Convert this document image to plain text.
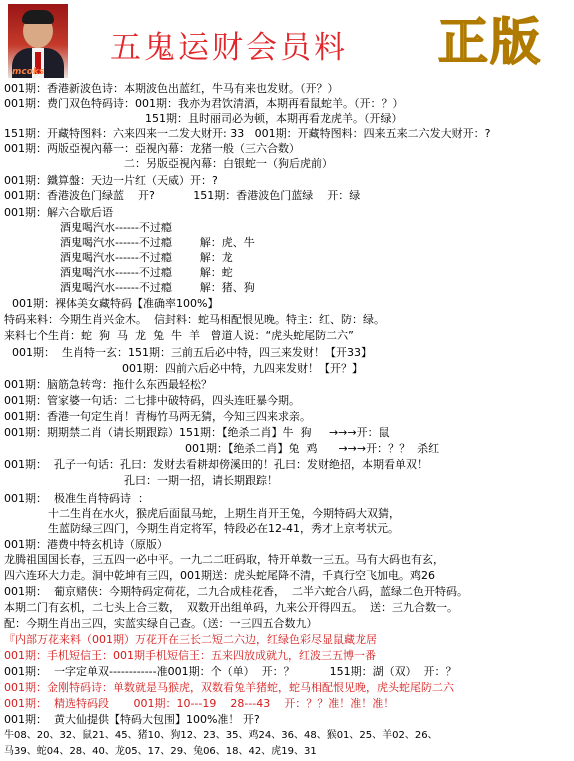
mcoks
五鬼运财会员料 正版
001期：香港新波色诗：本期波色出蓝红，牛马有来也发财。（开？）
001期：费门双色特码诗：001期：我亦为君饮清酒，本期再看鼠蛇羊。（开：？）
151期：且时丽司必为顿，本期再看龙虎羊。（开绿）
151期：开藏特图料：六来四来一二发大财开: 33   001期：开藏特图料：四来五来二六发大财开：?
001期：两版亞視內幕一：亞視內幕：龙猪一般（三六合数）
二：另版亞視內幕：白银蛇一（狗后虎前）
001期：鐵算盤：天边一片红（天威）开：?
001期：香港波色门绿蓝    开?           151期：香港波色门蓝绿    开：绿
001期：解六合歇后语
酒鬼喝汽水------不过瘾
酒鬼喝汽水------不过瘾        解：虎、牛
酒鬼喝汽水------不过瘾        解：龙
酒鬼喝汽水------不过瘾        解：蛇
酒鬼喝汽水------不过瘾        解：猪、狗
001期：裸体美女藏特码【准确率100%】
特码来料：今期生肖兴金木。  信封料：蛇马相配恨见晚。特主：红、防：绿。
来料七个生肖：蛇  狗  马  龙  兔  牛  羊   曾道人说：“虎头蛇尾防二六”
001期：  生肖特一玄：151期：三前五后必中特，四三来发财！【开33】
001期：四前六后必中特，九四来发财！【开？】
001期：脑筋急转弯：拖什么东西最轻松？
001期：管家婆一句话：二七排中破特码，四头连旺暴今期。
001期：香港一句定生肖！青梅竹马两无猜，今知三四来求亲。
001期：期期禁二肖（请长期跟踪）151期：【绝杀二肖】牛  狗     →→→开：鼠
001期：【绝杀二肖】兔  鸡      →→→开：？？  杀红
001期：  孔子一句话：孔曰：发财去看耕却傍溪田的！孔曰：发财绝招，本期看单双！
孔曰：一期一招，请长期跟踪！
001期：  极准生肖特码诗  ：
十二生肖在水火，猴虎后面鼠马蛇，上期生肖开王兔，今期特码大双猜，
生蓝防绿三四门，今期生肖定将军，特段必在12-41，秀才上京考状元。
001期：港费中特玄机诗（原版）
龙腾祖国国长春，三五四一必中平。一九二二旺码取，特开单数一三五。马有大码也有玄，
四六连环大力走。洞中乾坤有三四，001期送：虎头蛇尾降不清，千真行空飞加电。鸡26
001期：  葡京赌侠：今期特码定荷花，二九合成桂花香，  二半六蛇合八码，蓝绿二色开特码。
本期二门有玄机，二七头上合三数，  双数开出组单码，九来公开得四五。  送：三九合数一。
配：今期生肖出三四，实蓝实绿自己查。（送：一三四五合数九）
『内部万花来料（001期）万花开在三长二短二六边，红绿色彩尽显鼠藏龙居
001期：手机短信王：001期手机短信王：五来四放成就九，红波三五博一番
001期：  一字定单双------------准001期：个（单）  开：？          151期：湖（双）  开：？
001期：金刚特码诗：单数就是马猴虎，双数看兔羊猪蛇，蛇马相配恨见晚，虎头蛇尾防二六
001期：  精选特码段       001期：10---19    28---43    开：？？准！准！准！
001期：  黄大仙提供【特码大包围】100%准！ 开?
牛08、20、32、鼠21、45、猪10、狗12、23、35、鸡24、36、48、猴01、25、羊02、26、
马39、蛇04、28、40、龙05、17、29、兔06、18、42、虎19、31
